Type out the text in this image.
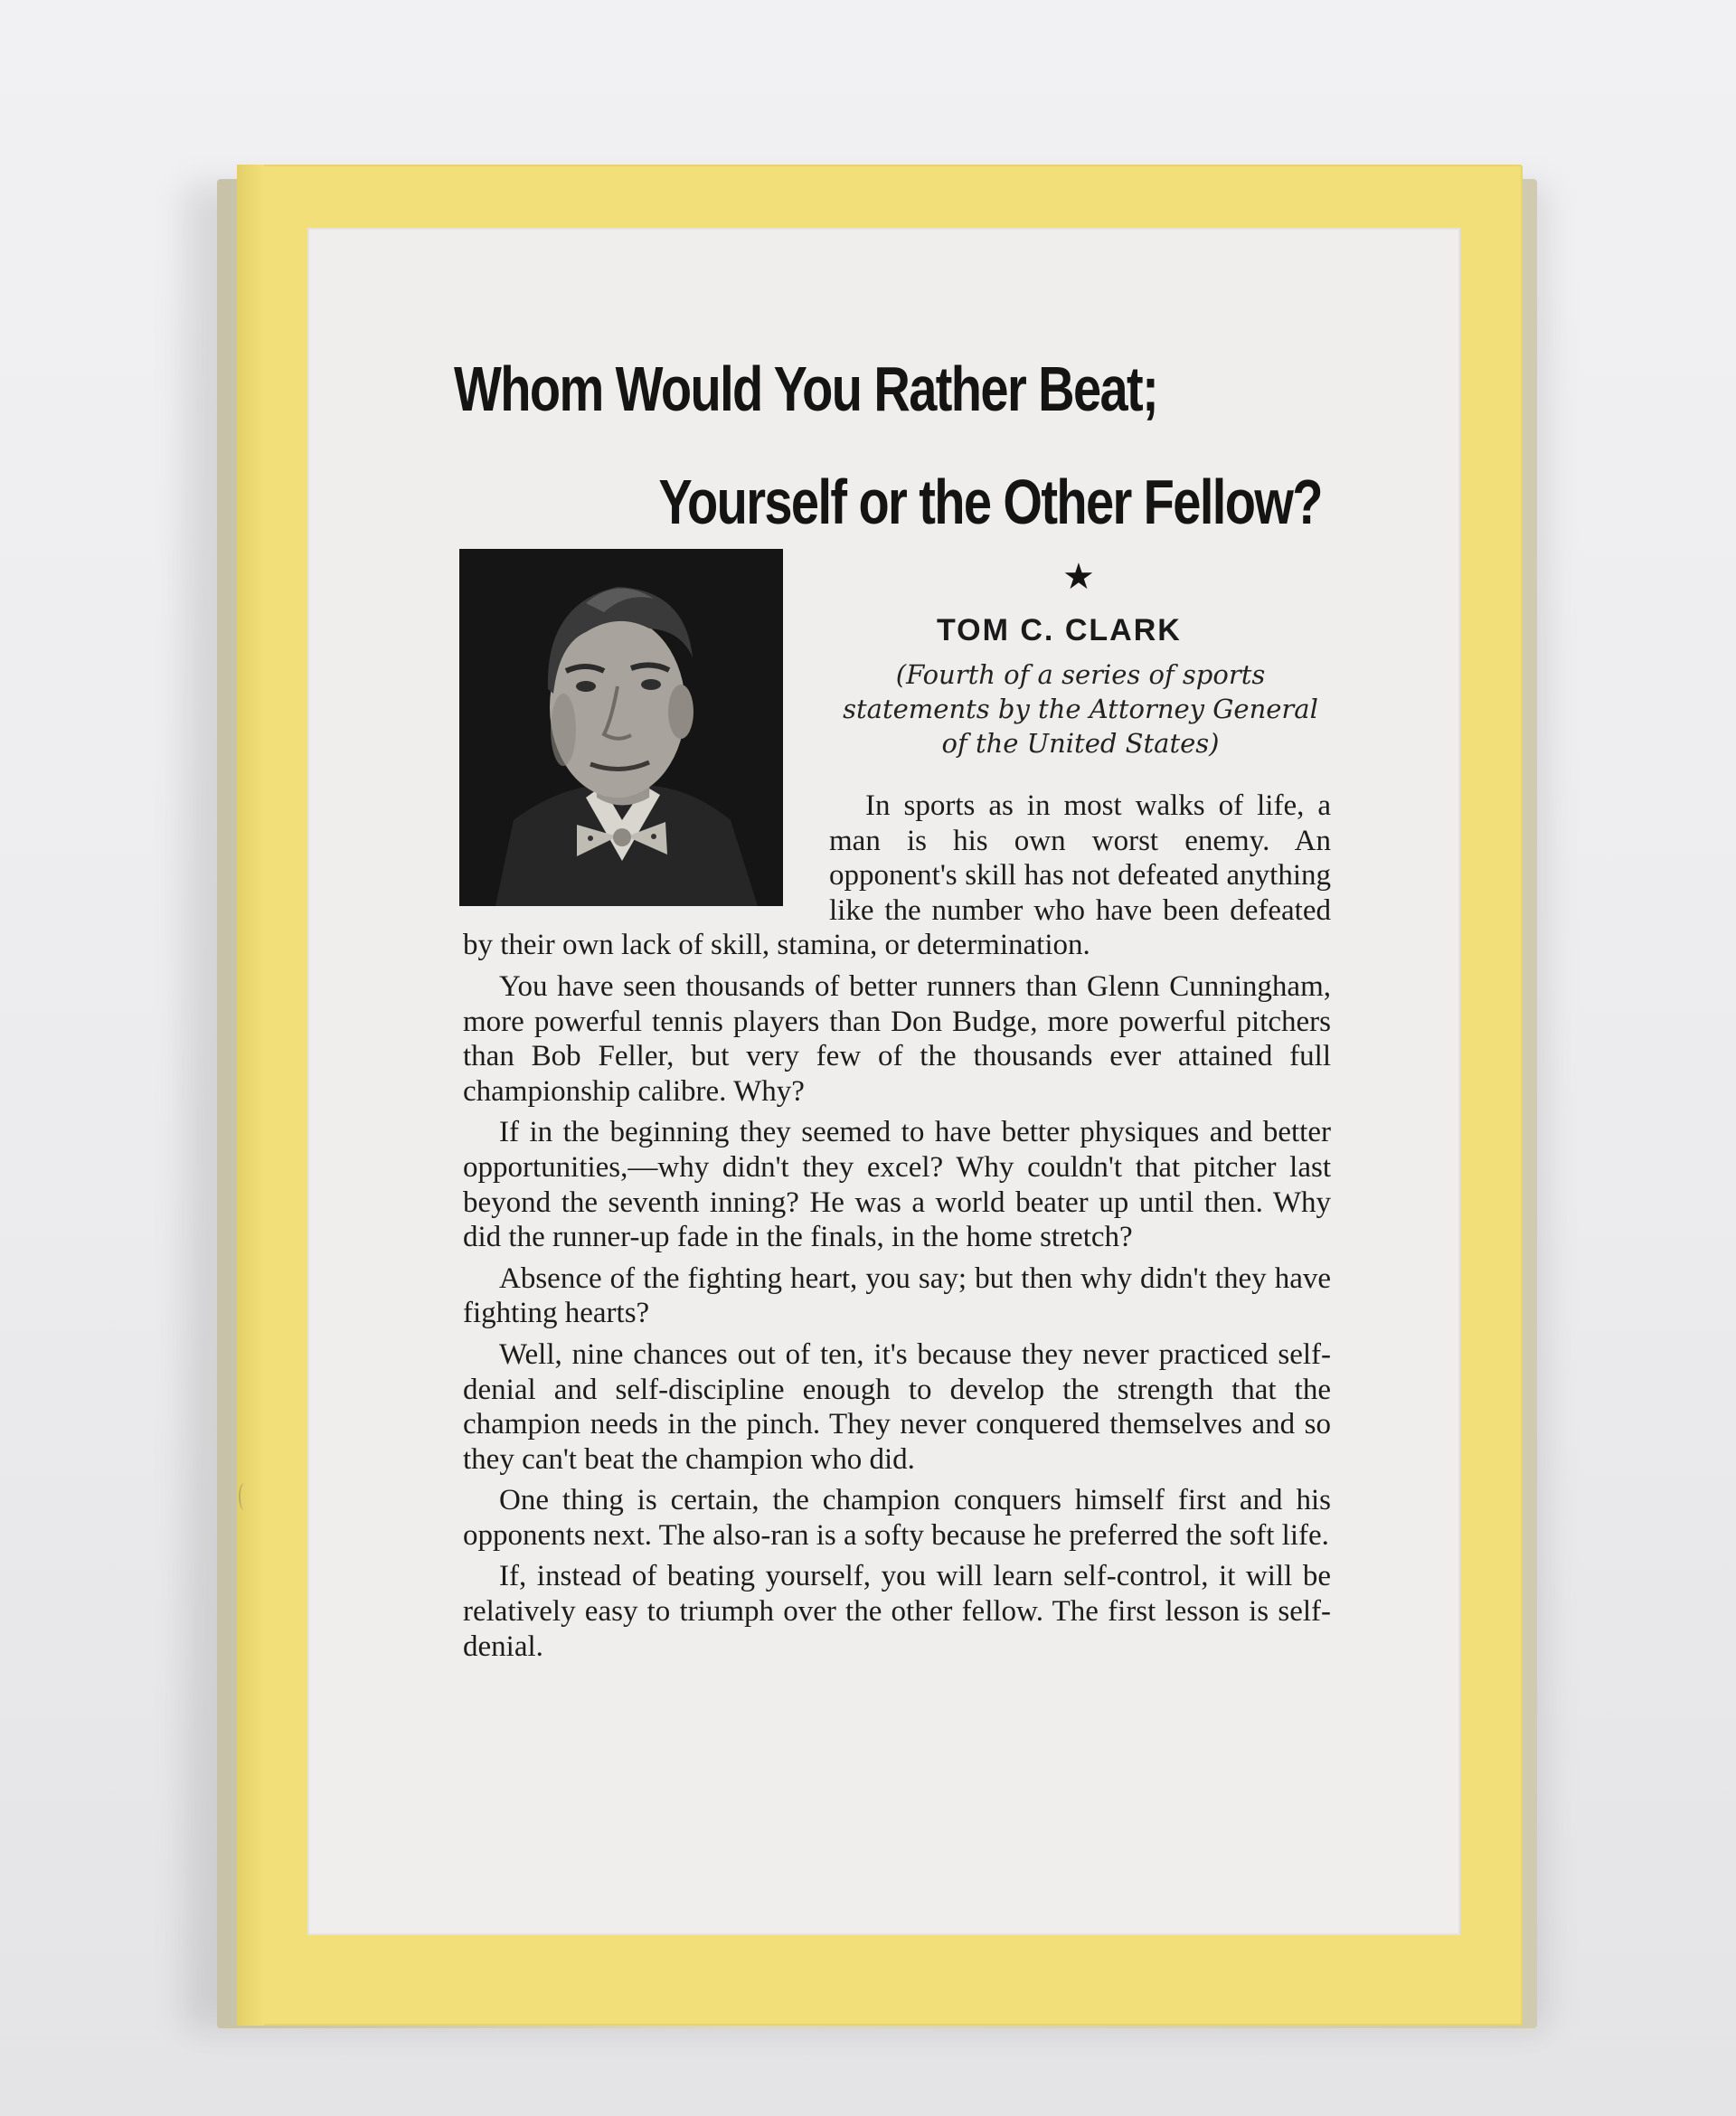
Whom Would You Rather Beat;
Yourself or the Other Fellow?
★
TOM C. CLARK
(Fourth of a series of sports statements by the Attorney General of the United States)

In sports as in most walks of life, a man is his own worst enemy. An opponent's skill has not defeated anything like the number who have been defeated by their own lack of skill, stamina, or determination.

You have seen thousands of better runners than Glenn Cunningham, more powerful tennis players than Don Budge, more powerful pitchers than Bob Feller, but very few of the thousands ever attained full championship calibre. Why?

If in the beginning they seemed to have better physiques and better opportunities,—why didn't they excel? Why couldn't that pitcher last beyond the seventh inning? He was a world beater up until then. Why did the runner-up fade in the finals, in the home stretch?

Absence of the fighting heart, you say; but then why didn't they have fighting hearts?

Well, nine chances out of ten, it's because they never practiced self-denial and self-discipline enough to develop the strength that the champion needs in the pinch. They never conquered themselves and so they can't beat the champion who did.

One thing is certain, the champion conquers himself first and his opponents next. The also-ran is a softy because he preferred the soft life.

If, instead of beating yourself, you will learn self-control, it will be relatively easy to triumph over the other fellow. The first lesson is self-denial.
